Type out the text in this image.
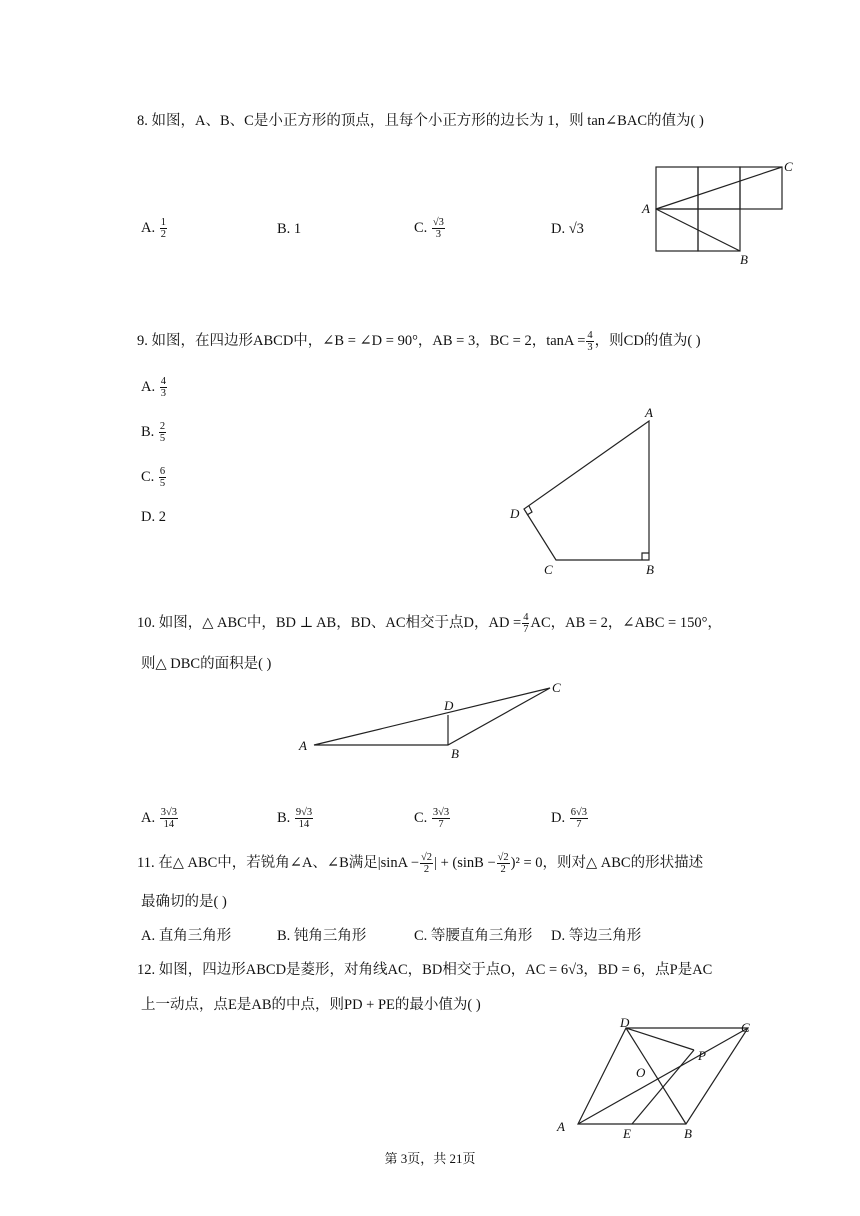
8. 如图，A、B、C是小正方形的顶点，且每个小正方形的边长为 1，则 tan∠BAC的值为( )
A. $\frac{1}{2}$	B. 1	C. $\frac{√3}{3}$	D. √3
9. 如图，在四边形ABCD中，∠B = ∠D = 90°，AB = 3，BC = 2，$\tan A = \frac{4}{3}$ ，则CD的值为( )
A. $\frac{4}{3}$
B. $\frac{2}{5}$
C. $\frac{6}{5}$
D. 2
10. 如图，△ ABC中，BD ⊥ AB，BD、AC相交于点D，AD = $\frac{4}{7}$ AC，AB = 2，∠ABC = 150°，
则△ DBC的面积是( )
A. $\frac{3√3}{14}$	B. $\frac{9√3}{14}$	C. $\frac{3√3}{7}$	D. $\frac{6√3}{7}$
11. 在△ ABC中，若锐角∠A、∠B满足$|\sin A - \frac{√2}{2}$ | + $(\sin B - \frac{√2}{2} )^2 = 0$，则对△ ABC的形状描述
最确切的是( )
A. 直角三角形	B. 钝角三角形	C. 等腰直角三角形 D. 等边三角形
12. 如图，四边形ABCD是菱形，对角线AC，BD相交于点O，AC = 6√3，BD = 6，点P是AC
上一动点，点E是AB的中点，则PD + PE的最小值为( )
A
B
C
A
B
C
D
A
B
C
D
A	B
C
D
E
O
P
第 3页，共 21页
